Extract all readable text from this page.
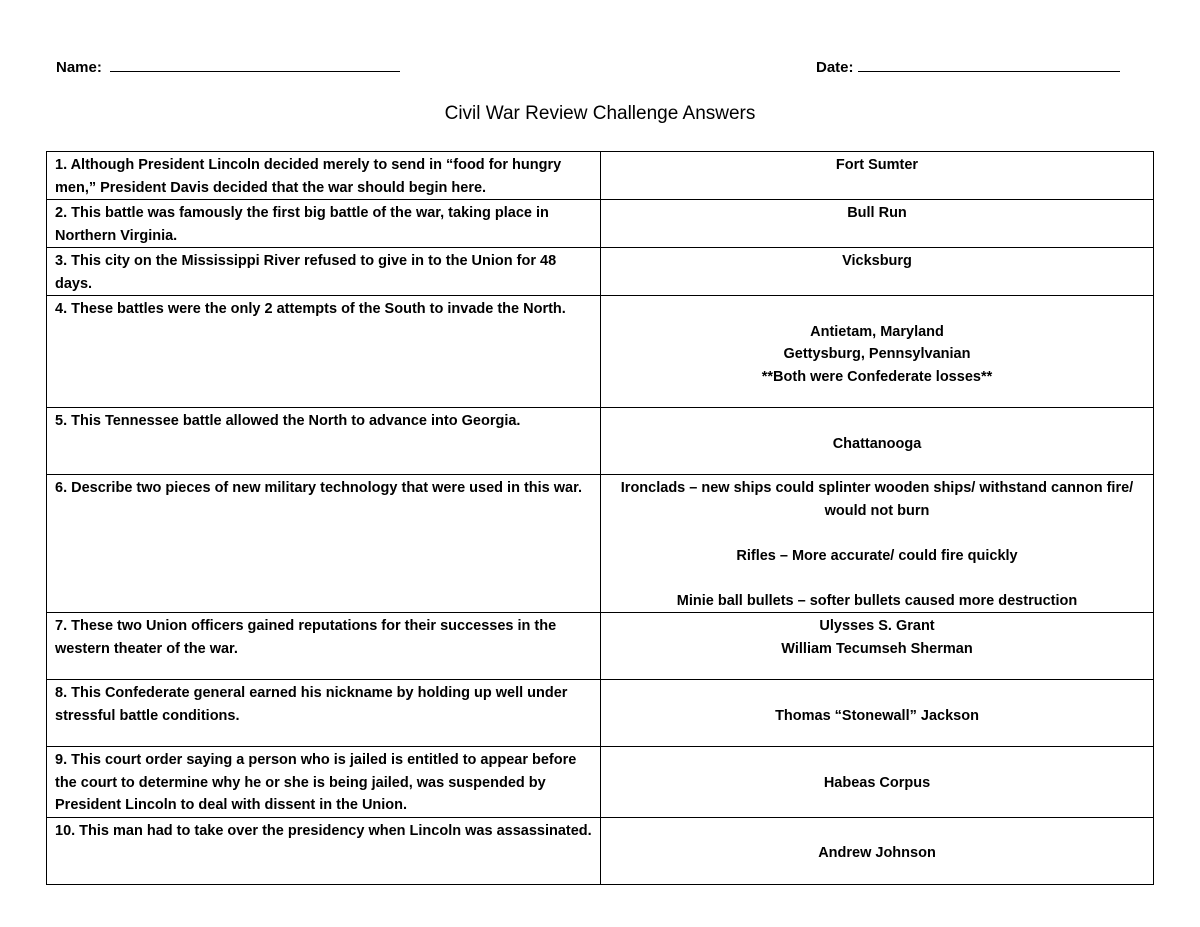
Name:	Date:
Civil War Review Challenge Answers
1. Although President Lincoln decided merely to send in “food for hungry men,” President Davis decided that the war should begin here.	Fort Sumter

2. This battle was famously the first big battle of the war, taking place in Northern Virginia.	Bull Run

3. This city on the Mississippi River refused to give in to the Union for 48 days.	Vicksburg

4. These battles were the only 2 attempts of the South to invade the North.	Antietam, Maryland
Gettysburg, Pennsylvanian
**Both were Confederate losses**

5. This Tennessee battle allowed the North to advance into Georgia.	Chattanooga

6. Describe two pieces of new military technology that were used in this war.	Ironclads – new ships could splinter wooden ships/ withstand cannon fire/ would not burn
Rifles – More accurate/ could fire quickly
Minie ball bullets – softer bullets caused more destruction

7. These two Union officers gained reputations for their successes in the western theater of the war.	Ulysses S. Grant
William Tecumseh Sherman

8. This Confederate general earned his nickname by holding up well under stressful battle conditions.	Thomas “Stonewall” Jackson

9. This court order saying a person who is jailed is entitled to appear before the court to determine why he or she is being jailed, was suspended by President Lincoln to deal with dissent in the Union.	Habeas Corpus

10. This man had to take over the presidency when Lincoln was assassinated.	Andrew Johnson
